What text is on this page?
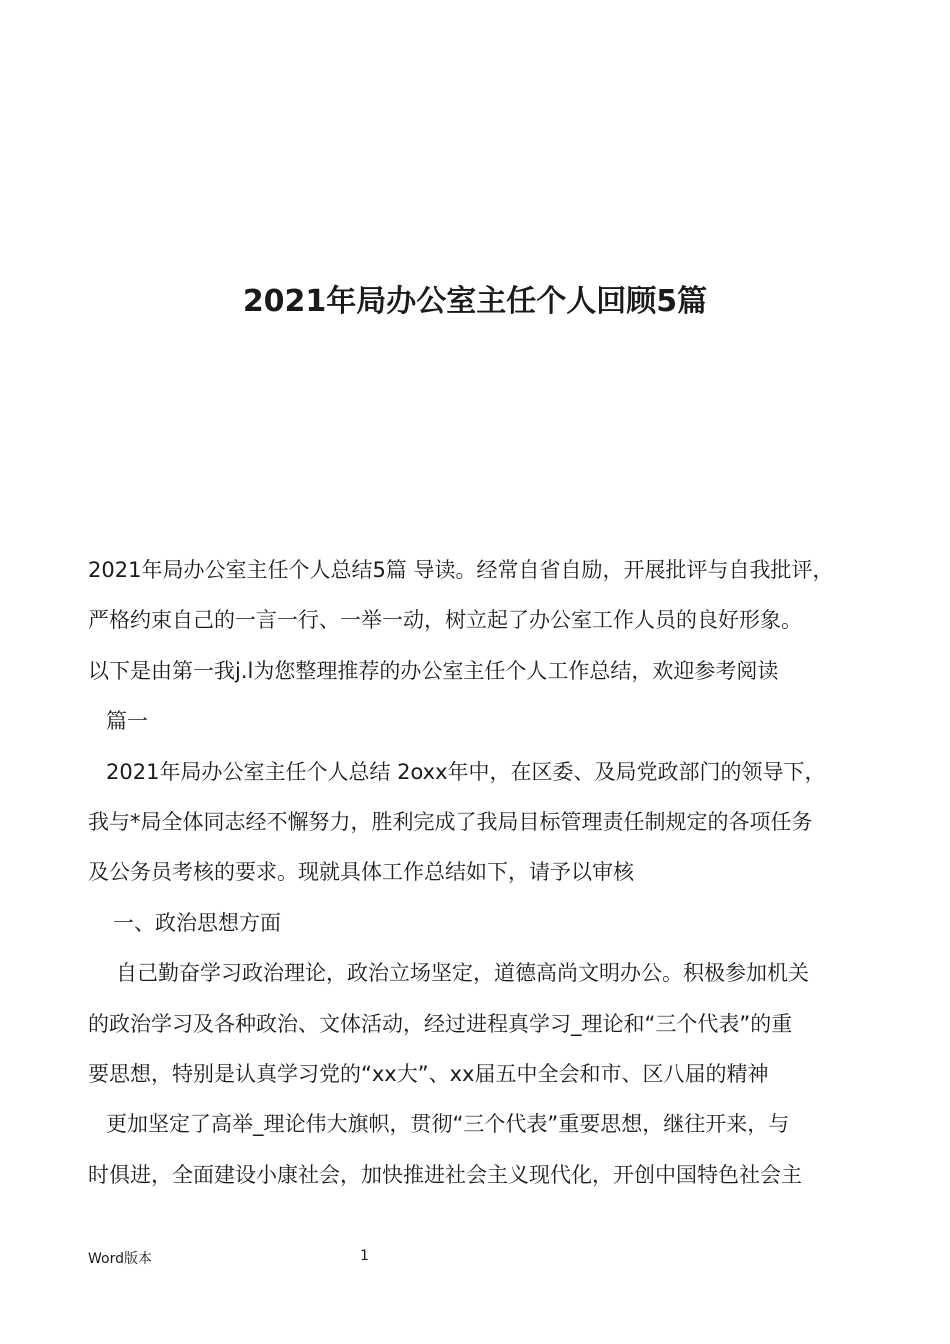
2021年局办公室主任个人回顾5篇
2021年局办公室主任个人总结5篇 导读。经常自省自励，开展批评与自我批评，
严格约束自己的一言一行、一举一动，树立起了办公室工作人员的良好形象。
以下是由第一我j.l为您整理推荐的办公室主任个人工作总结，欢迎参考阅读
篇一
2021年局办公室主任个人总结 2oxx年中，在区委、及局党政部门的领导下，
我与*局全体同志经不懈努力，胜利完成了我局目标管理责任制规定的各项任务
及公务员考核的要求。现就具体工作总结如下，请予以审核
一、政治思想方面
自己勤奋学习政治理论，政治立场坚定，道德高尚文明办公。积极参加机关
的政治学习及各种政治、文体活动，经过进程真学习_理论和“三个代表”的重
要思想，特别是认真学习党的“xx大”、xx届五中全会和市、区八届的精神
更加坚定了高举_理论伟大旗帜，贯彻“三个代表”重要思想，继往开来，与
时俱进，全面建设小康社会，加快推进社会主义现代化，开创中国特色社会主
Word版本	1
